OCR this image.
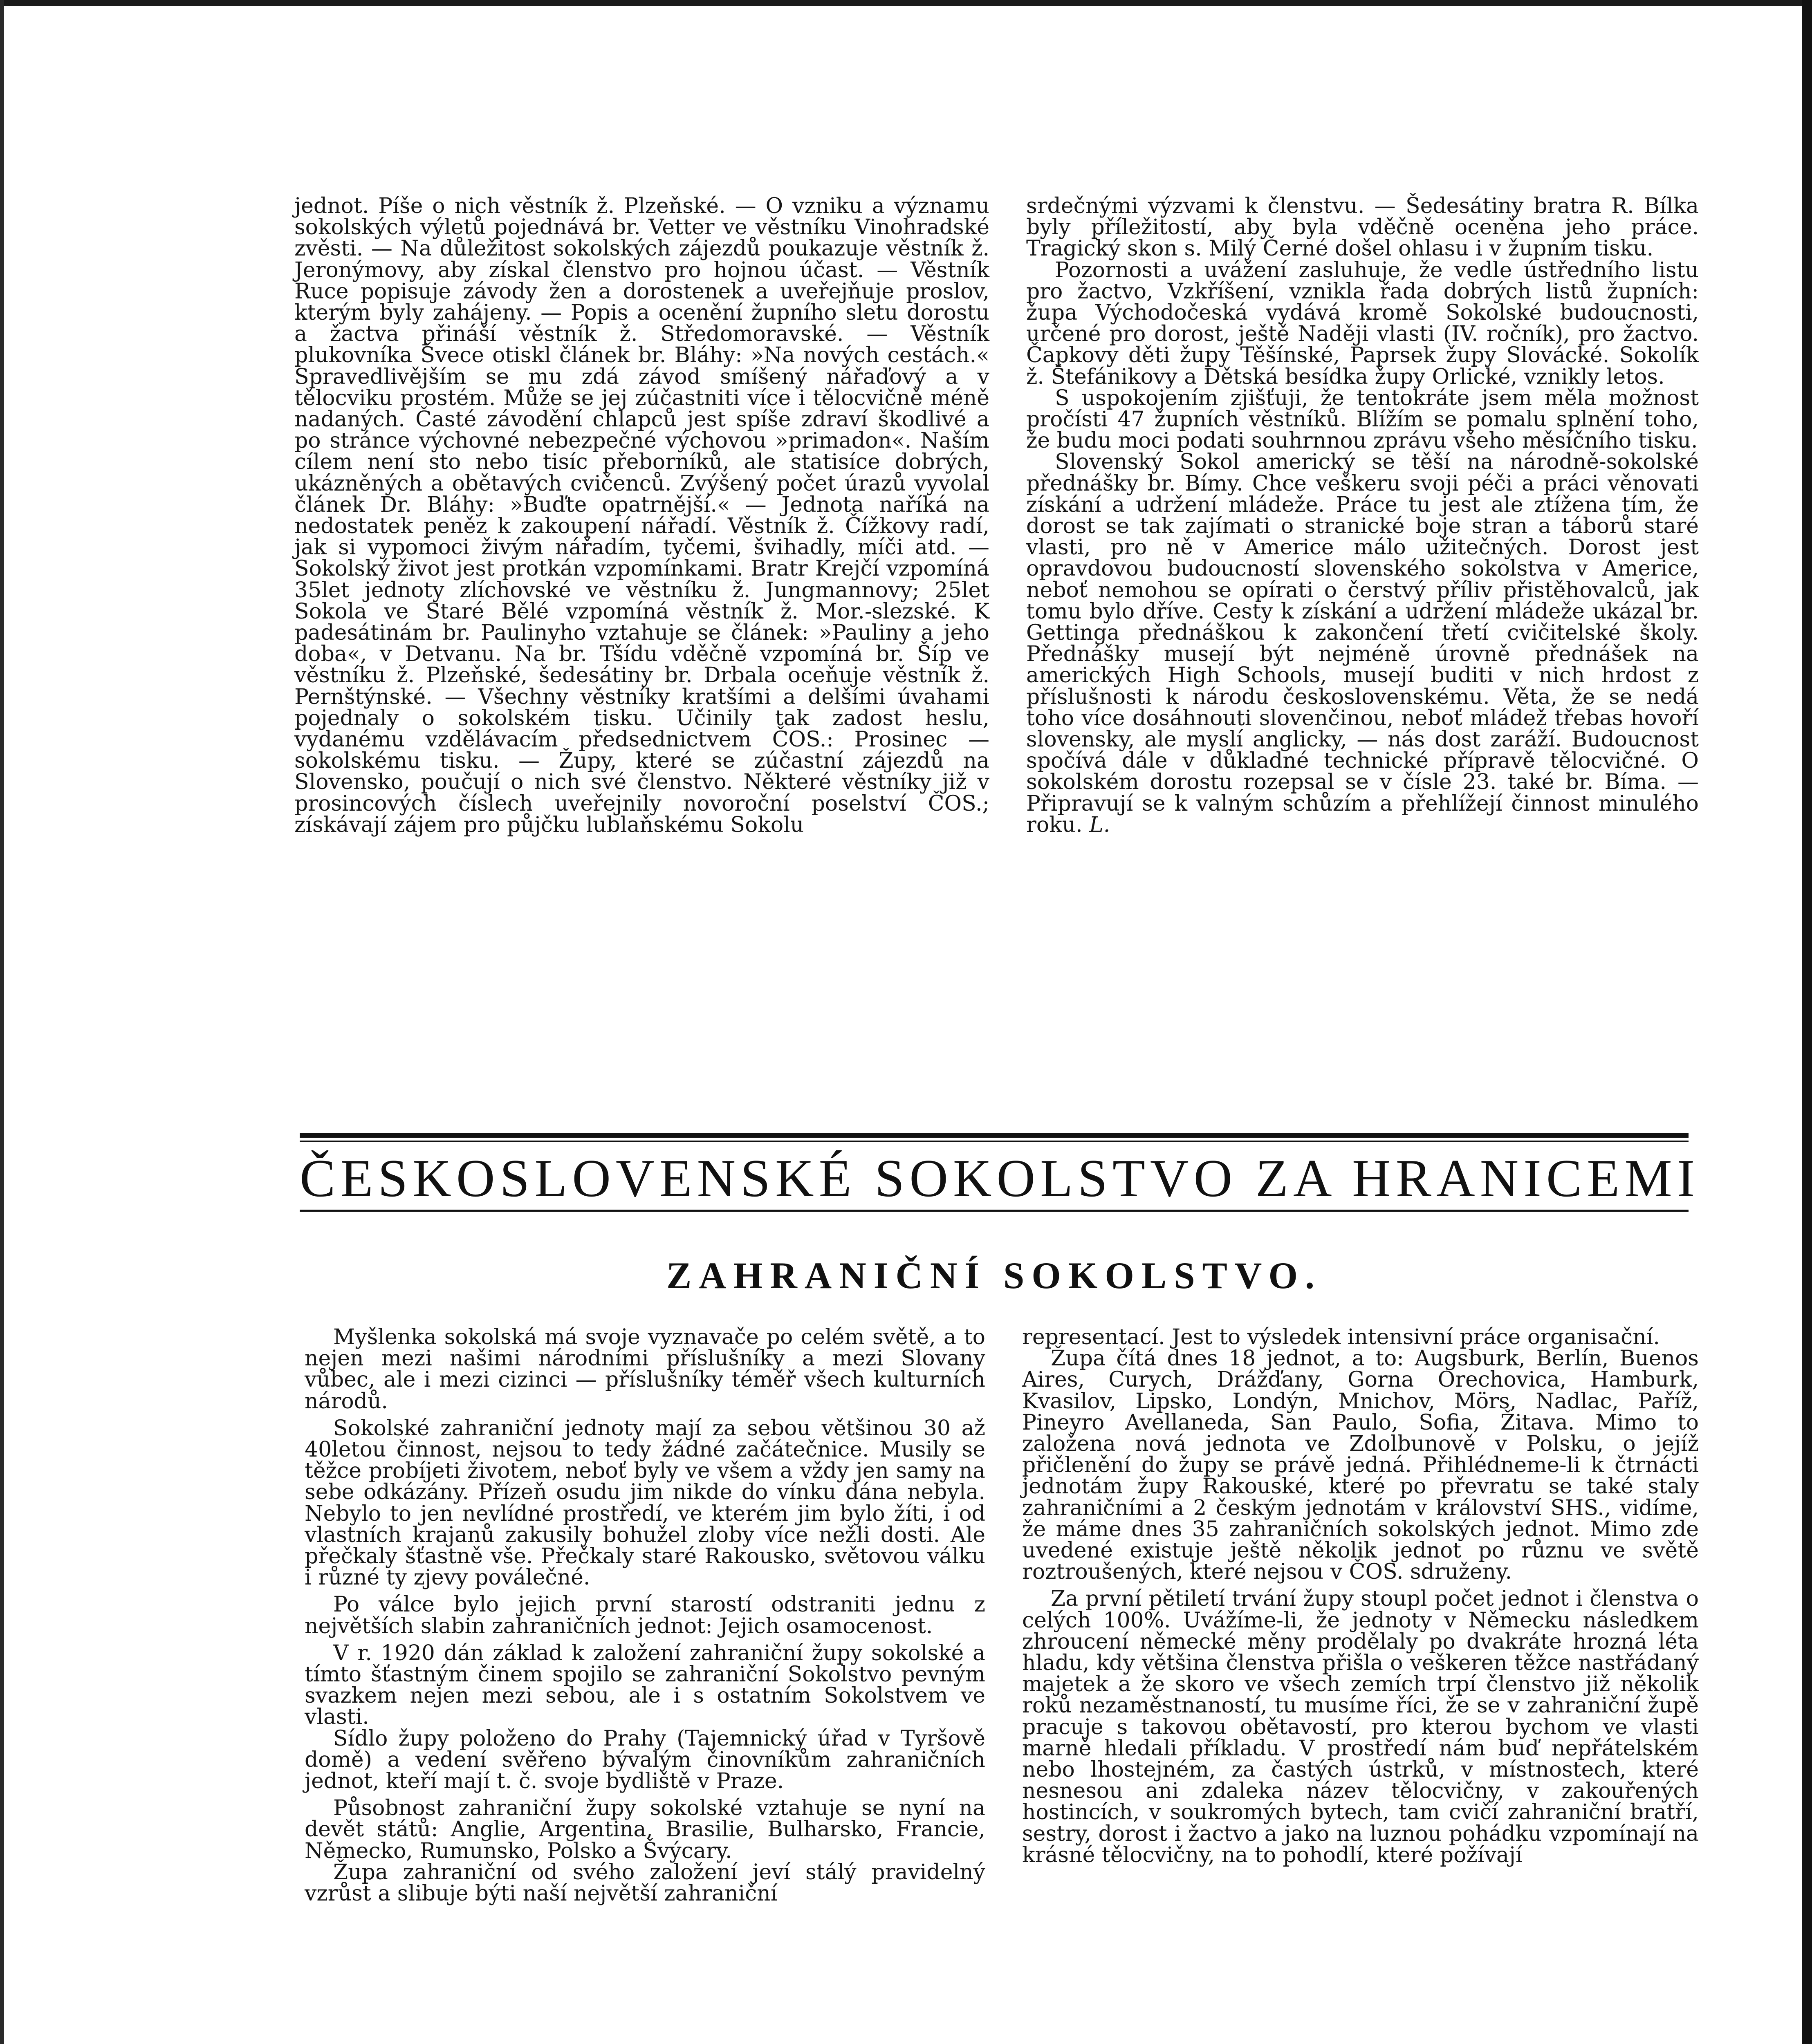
jednot. Píše o nich věstník ž. Plzeňské. — O vzniku a významu sokolských výletů pojednává br. Vetter ve věstníku Vinohradské zvěsti. — Na důležitost sokolských zájezdů poukazuje věstník ž. Jeronýmovy, aby získal členstvo pro hojnou účast. — Věstník Ruce popisuje závody žen a dorostenek a uveřejňuje proslov, kterým byly zahájeny. — Popis a ocenění župního sletu dorostu a žactva přináší věstník ž. Středomoravské. — Věstník plukovníka Švece otiskl článek br. Bláhy: »Na nových cestách.« Spravedlivějším se mu zdá závod smíšený nářaďový a v tělocviku prostém. Může se jej zúčastniti více i tělocvičně méně nadaných. Časté závodění chlapců jest spíše zdraví škodlivé a po stránce výchovné nebezpečné výchovou »primadon«. Naším cílem není sto nebo tisíc přeborníků, ale statisíce dobrých, ukázněných a obětavých cvičenců. Zvýšený počet úrazů vyvolal článek Dr. Bláhy: »Buďte opatrnější.« — Jednota naříká na nedostatek peněz k zakoupení nářadí. Věstník ž. Čížkovy radí, jak si vypomoci živým nářadím, tyčemi, švihadly, míči atd. — Sokolský život jest protkán vzpomínkami. Bratr Krejčí vzpomíná 35let jednoty zlíchovské ve věstníku ž. Jungmannovy; 25let Sokola ve Staré Bělé vzpomíná věstník ž. Mor.-slezské. K padesátinám br. Paulinyho vztahuje se článek: »Pauliny a jeho doba«, v Detvanu. Na br. Tšídu vděčně vzpomíná br. Šíp ve věstníku ž. Plzeňské, šedesátiny br. Drbala oceňuje věstník ž. Pernštýnské. — Všechny věstníky kratšími a delšími úvahami pojednaly o sokolském tisku. Učinily tak zadost heslu, vydanému vzdělávacím předsednictvem ČOS.: Prosinec — sokolskému tisku. — Župy, které se zúčastní zájezdů na Slovensko, poučují o nich své členstvo. Některé věstníky již v prosincových číslech uveřejnily novoroční poselství ČOS.; získávají zájem pro půjčku lublaňskému Sokolu

srdečnými výzvami k členstvu. — Šedesátiny bratra R. Bílka byly příležitostí, aby byla vděčně oceněna jeho práce. Tragický skon s. Milý Černé došel ohlasu i v župním tisku.

Pozornosti a uvážení zasluhuje, že vedle ústředního listu pro žactvo, Vzkříšení, vznikla řada dobrých listů župních: župa Východočeská vydává kromě Sokolské budoucnosti, určené pro dorost, ještě Naději vlasti (IV. ročník), pro žactvo. Čapkovy děti župy Těšínské, Paprsek župy Slovácké. Sokolík ž. Štefánikovy a Dětská besídka župy Orlické, vznikly letos.

S uspokojením zjišťuji, že tentokráte jsem měla možnost pročísti 47 župních věstníků. Blížím se pomalu splnění toho, že budu moci podati souhrnnou zprávu všeho měsíčního tisku.

Slovenský Sokol americký se těší na národně-sokolské přednášky br. Bímy. Chce veškeru svoji péči a práci věnovati získání a udržení mládeže. Práce tu jest ale ztížena tím, že dorost se tak zajímati o stranické boje stran a táborů staré vlasti, pro ně v Americe málo užitečných. Dorost jest opravdovou budoucností slovenského sokolstva v Americe, neboť nemohou se opírati o čerstvý příliv přistěhovalců, jak tomu bylo dříve. Cesty k získání a udržení mládeže ukázal br. Gettinga přednáškou k zakončení třetí cvičitelské školy. Přednášky musejí být nejméně úrovně přednášek na amerických High Schools, musejí buditi v nich hrdost z příslušnosti k národu československému. Věta, že se nedá toho více dosáhnouti slovenčinou, neboť mládež třebas hovoří slovensky, ale myslí anglicky, — nás dost zaráží. Budoucnost spočívá dále v důkladné technické přípravě tělocvičné. O sokolském dorostu rozepsal se v čísle 23. také br. Bíma. — Připravují se k valným schůzím a přehlížejí činnost minulého roku. L.

ČESKOSLOVENSKÉ SOKOLSTVO ZA HRANICEMI
ZAHRANIČNÍ SOKOLSTVO.

Myšlenka sokolská má svoje vyznavače po celém světě, a to nejen mezi našimi národními příslušníky a mezi Slovany vůbec, ale i mezi cizinci — příslušníky téměř všech kulturních národů.

Sokolské zahraniční jednoty mají za sebou většinou 30 až 40letou činnost, nejsou to tedy žádné začátečnice. Musily se těžce probíjeti životem, neboť byly ve všem a vždy jen samy na sebe odkázány. Přízeň osudu jim nikde do vínku dána nebyla. Nebylo to jen nevlídné prostředí, ve kterém jim bylo žíti, i od vlastních krajanů zakusily bohužel zloby více nežli dosti. Ale přečkaly šťastně vše. Přečkaly staré Rakousko, světovou válku i různé ty zjevy poválečné.

Po válce bylo jejich první starostí odstraniti jednu z největších slabin zahraničních jednot: Jejich osamocenost.

V r. 1920 dán základ k založení zahraniční župy sokolské a tímto šťastným činem spojilo se zahraniční Sokolstvo pevným svazkem nejen mezi sebou, ale i s ostatním Sokolstvem ve vlasti.

Sídlo župy položeno do Prahy (Tajemnický úřad v Tyršově domě) a vedení svěřeno bývalým činovníkům zahraničních jednot, kteří mají t. č. svoje bydliště v Praze.

Působnost zahraniční župy sokolské vztahuje se nyní na devět států: Anglie, Argentina, Brasilie, Bulharsko, Francie, Německo, Rumunsko, Polsko a Švýcary.

Župa zahraniční od svého založení jeví stálý pravidelný vzrůst a slibuje býti naší největší zahraniční

representací. Jest to výsledek intensivní práce organisační.

Župa čítá dnes 18 jednot, a to: Augsburk, Berlín, Buenos Aires, Curych, Drážďany, Gorna Orechovica, Hamburk, Kvasilov, Lipsko, Londýn, Mnichov, Mörs, Nadlac, Paříž, Pineyro Avellaneda, San Paulo, Sofia, Žitava. Mimo to založena nová jednota ve Zdolbunově v Polsku, o jejíž přičlenění do župy se právě jedná. Přihlédneme-li k čtrnácti jednotám župy Rakouské, které po převratu se také staly zahraničními a 2 českým jednotám v království SHS., vidíme, že máme dnes 35 zahraničních sokolských jednot. Mimo zde uvedené existuje ještě několik jednot po různu ve světě roztroušených, které nejsou v ČOS. sdruženy.

Za první pětiletí trvání župy stoupl počet jednot i členstva o celých 100%. Uvážíme-li, že jednoty v Německu následkem zhroucení německé měny prodělaly po dvakráte hrozná léta hladu, kdy většina členstva přišla o veškeren těžce nastřádaný majetek a že skoro ve všech zemích trpí členstvo již několik roků nezaměstnaností, tu musíme říci, že se v zahraniční župě pracuje s takovou obětavostí, pro kterou bychom ve vlasti marně hledali příkladu. V prostředí nám buď nepřátelském nebo lhostejném, za častých ústrků, v místnostech, které nesnesou ani zdaleka název tělocvičny, v zakouřených hostincích, v soukromých bytech, tam cvičí zahraniční bratří, sestry, dorost i žactvo a jako na luznou pohádku vzpomínají na krásné tělocvičny, na to pohodlí, které požívají
